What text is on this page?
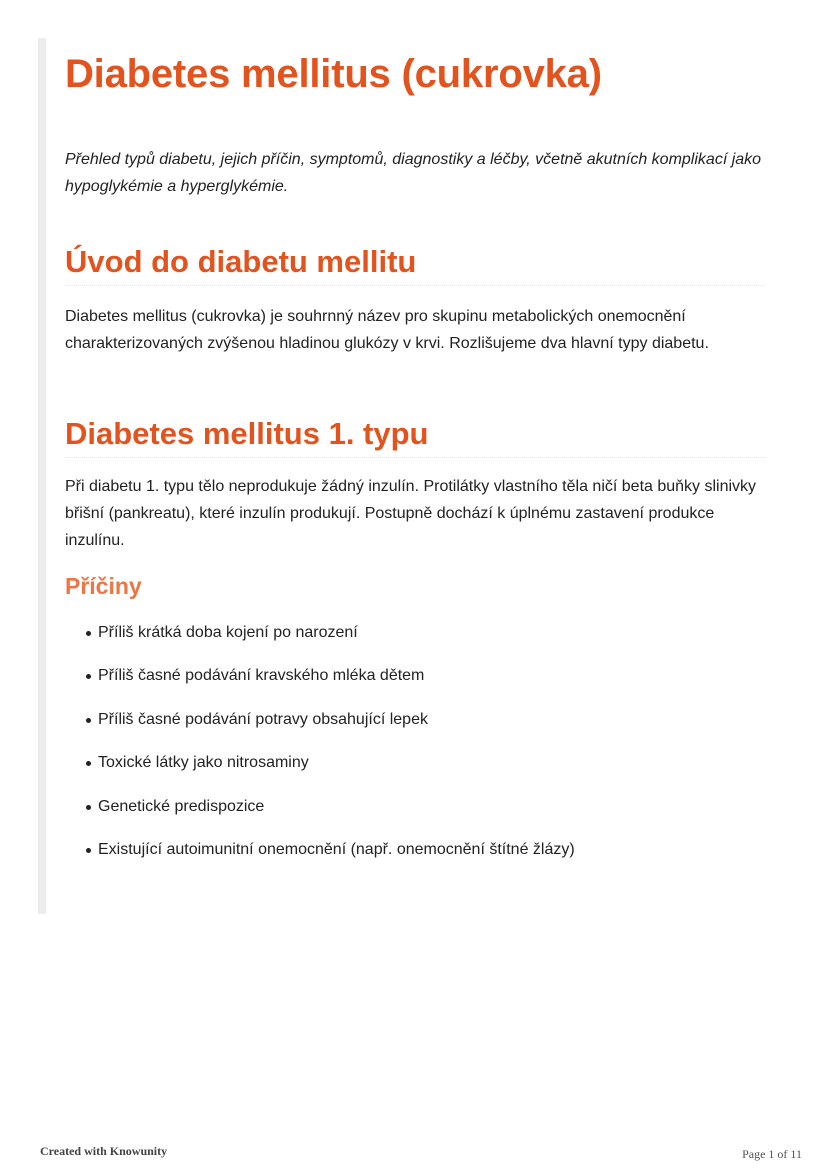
Diabetes mellitus (cukrovka)

Přehled typů diabetu, jejich příčin, symptomů, diagnostiky a léčby, včetně akutních komplikací jako hypoglykémie a hyperglykémie.

Úvod do diabetu mellitu

Diabetes mellitus (cukrovka) je souhrnný název pro skupinu metabolických onemocnění charakterizovaných zvýšenou hladinou glukózy v krvi. Rozlišujeme dva hlavní typy diabetu.

Diabetes mellitus 1. typu

Při diabetu 1. typu tělo neprodukuje žádný inzulín. Protilátky vlastního těla ničí beta buňky slinivky břišní (pankreatu), které inzulín produkují. Postupně dochází k úplnému zastavení produkce inzulínu.

Příčiny
Příliš krátká doba kojení po narození
Příliš časné podávání kravského mléka dětem
Příliš časné podávání potravy obsahující lepek
Toxické látky jako nitrosaminy
Genetické predispozice
Existující autoimunitní onemocnění (např. onemocnění štítné žlázy)
Created with Knowunity	Page 1 of 11
